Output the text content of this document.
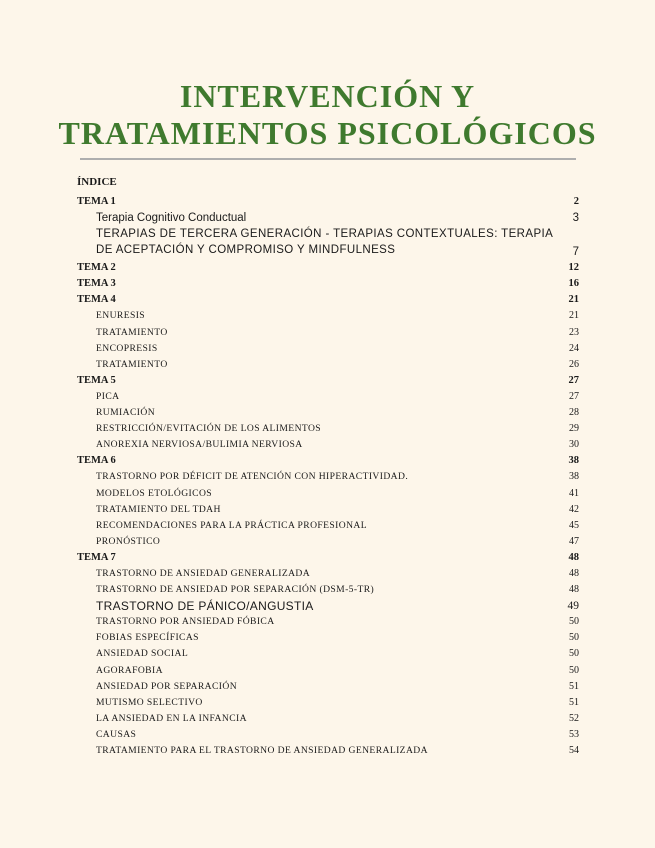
INTERVENCIÓN Y
TRATAMIENTOS PSICOLÓGICOS
ÍNDICE
TEMA 1	2
Terapia Cognitivo Conductual	3
TERAPIAS DE TERCERA GENERACIÓN - TERAPIAS CONTEXTUALES: TERAPIA DE ACEPTACIÓN Y COMPROMISO Y MINDFULNESS	7
TEMA 2	12
TEMA 3	16
TEMA 4	21
ENURESIS	21
TRATAMIENTO	23
ENCOPRESIS	24
TRATAMIENTO	26
TEMA 5	27
PICA	27
RUMIACIÓN	28
RESTRICCIÓN/EVITACIÓN DE LOS ALIMENTOS	29
ANOREXIA NERVIOSA/BULIMIA NERVIOSA	30
TEMA 6	38
TRASTORNO POR DÉFICIT DE ATENCIÓN CON HIPERACTIVIDAD.	38
MODELOS ETOLÓGICOS	41
TRATAMIENTO DEL TDAH	42
RECOMENDACIONES PARA LA PRÁCTICA PROFESIONAL	45
PRONÓSTICO	47
TEMA 7	48
TRASTORNO DE ANSIEDAD GENERALIZADA	48
TRASTORNO DE ANSIEDAD POR SEPARACIÓN (DSM-5-TR)	48
TRASTORNO DE PÁNICO/ANGUSTIA	49
TRASTORNO POR ANSIEDAD FÓBICA	50
FOBIAS ESPECÍFICAS	50
ANSIEDAD SOCIAL	50
AGORAFOBIA	50
ANSIEDAD POR SEPARACIÓN	51
MUTISMO SELECTIVO	51
LA ANSIEDAD EN LA INFANCIA	52
CAUSAS	53
TRATAMIENTO PARA EL TRASTORNO DE ANSIEDAD GENERALIZADA	54
